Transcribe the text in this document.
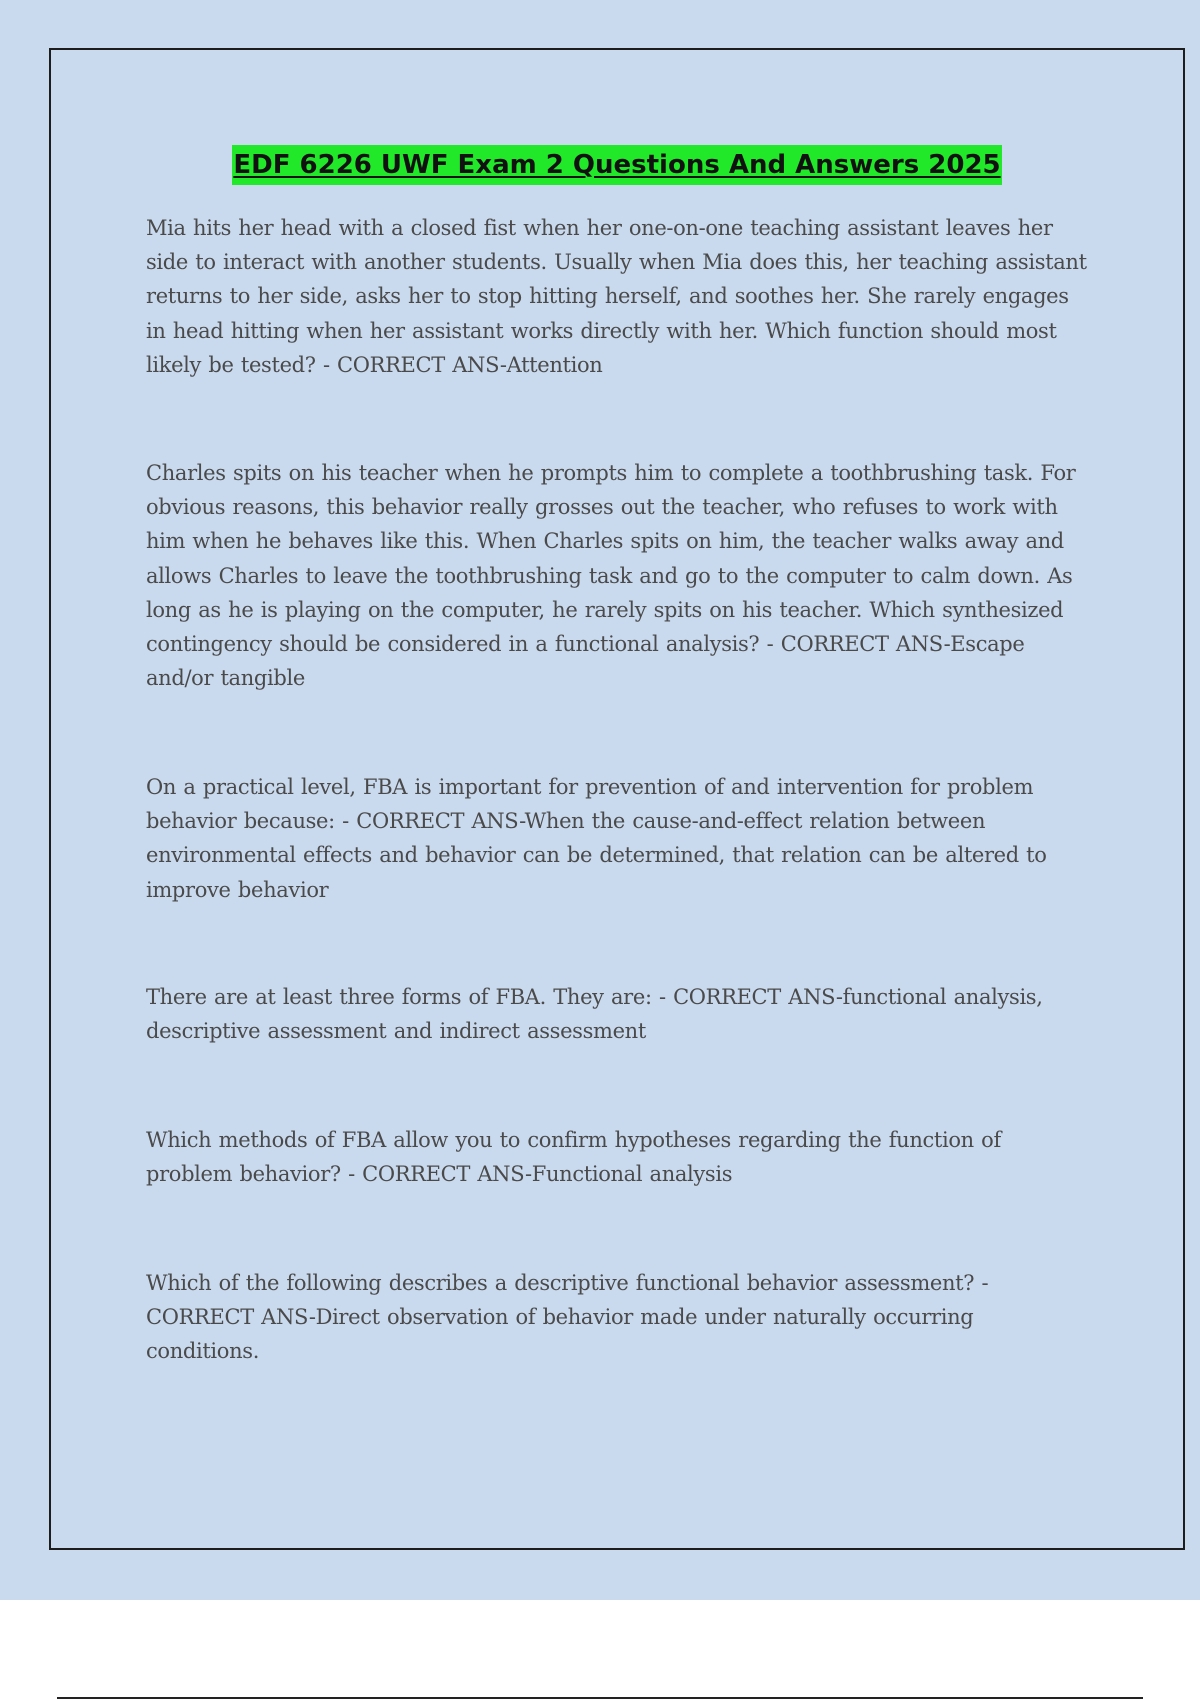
EDF 6226 UWF Exam 2 Questions And Answers 2025

Mia hits her head with a closed fist when her one-on-one teaching assistant leaves her side to interact with another students. Usually when Mia does this, her teaching assistant returns to her side, asks her to stop hitting herself, and soothes her. She rarely engages in head hitting when her assistant works directly with her. Which function should most likely be tested? - CORRECT ANS-Attention

Charles spits on his teacher when he prompts him to complete a toothbrushing task. For obvious reasons, this behavior really grosses out the teacher, who refuses to work with him when he behaves like this. When Charles spits on him, the teacher walks away and allows Charles to leave the toothbrushing task and go to the computer to calm down. As long as he is playing on the computer, he rarely spits on his teacher. Which synthesized contingency should be considered in a functional analysis? - CORRECT ANS-Escape and/or tangible

On a practical level, FBA is important for prevention of and intervention for problem behavior because: - CORRECT ANS-When the cause-and-effect relation between environmental effects and behavior can be determined, that relation can be altered to improve behavior

There are at least three forms of FBA. They are: - CORRECT ANS-functional analysis, descriptive assessment and indirect assessment

Which methods of FBA allow you to confirm hypotheses regarding the function of problem behavior? - CORRECT ANS-Functional analysis

Which of the following describes a descriptive functional behavior assessment? - CORRECT ANS-Direct observation of behavior made under naturally occurring conditions.
